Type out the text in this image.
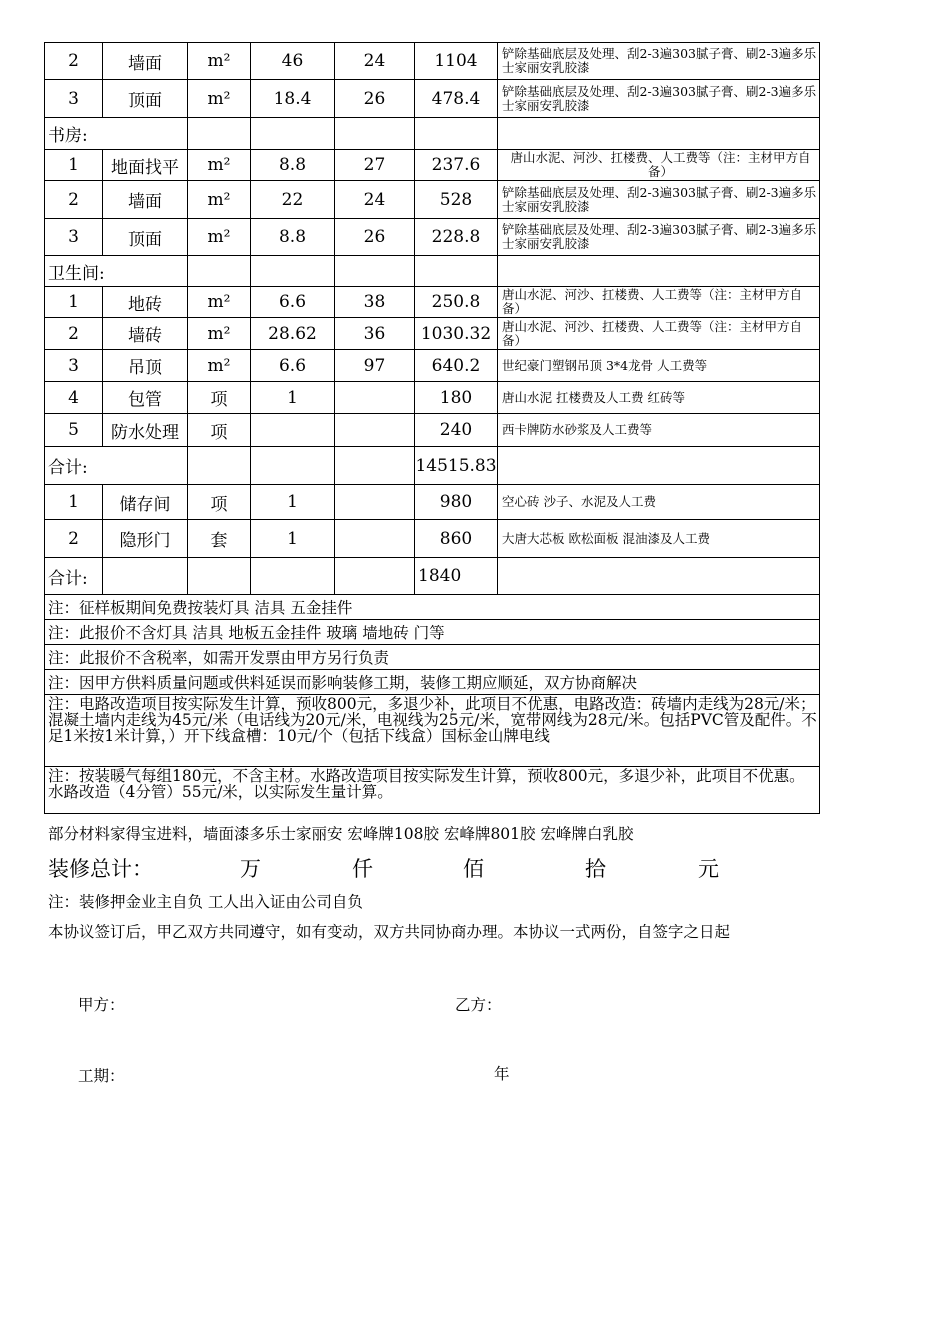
2	墙面	m²	46	24	1104	铲除基础底层及处理、刮2-3遍303腻子膏、刷2-3遍多乐士家丽安乳胶漆
3	顶面	m²	18.4	26	478.4	铲除基础底层及处理、刮2-3遍303腻子膏、刷2-3遍多乐士家丽安乳胶漆
书房:						
1	地面找平	m²	8.8	27	237.6	唐山水泥、河沙、扛楼费、人工费等（注：主材甲方自备）
2	墙面	m²	22	24	528	铲除基础底层及处理、刮2-3遍303腻子膏、刷2-3遍多乐士家丽安乳胶漆
3	顶面	m²	8.8	26	228.8	铲除基础底层及处理、刮2-3遍303腻子膏、刷2-3遍多乐士家丽安乳胶漆
卫生间:						
1	地砖	m²	6.6	38	250.8	唐山水泥、河沙、扛楼费、人工费等（注：主材甲方自备）
2	墙砖	m²	28.62	36	1030.32	唐山水泥、河沙、扛楼费、人工费等（注：主材甲方自备）
3	吊顶	m²	6.6	97	640.2	世纪豪门塑钢吊顶 3*4龙骨 人工费等
4	包管	项	1		180	唐山水泥 扛楼费及人工费 红砖等
5	防水处理	项			240	西卡牌防水砂浆及人工费等
合计:					14515.83	
1	储存间	项	1		980	空心砖 沙子、水泥及人工费
2	隐形门	套	1		860	大唐大芯板 欧松面板 混油漆及人工费
合计:					1840	
注：征样板期间免费按装灯具 洁具 五金挂件						
注：此报价不含灯具 洁具 地板五金挂件 玻璃 墙地砖 门等						
注：此报价不含税率，如需开发票由甲方另行负责						
注：因甲方供料质量问题或供料延误而影响装修工期，装修工期应顺延，双方协商解决						
注：电路改造项目按实际发生计算，预收800元，多退少补，此项目不优惠，电路改造：砖墙内走线为28元/米；混凝土墙内走线为45元/米（电话线为20元/米，电视线为25元/米，宽带网线为28元/米。包括PVC管及配件。不足1米按1米计算，）开下线盒槽：10元/个（包括下线盒）国标金山牌电线						
注：按装暖气每组180元，不含主材。水路改造项目按实际发生计算，预收800元，多退少补，此项目不优惠。水路改造（4分管）55元/米，以实际发生量计算。						
部分材料家得宝进料，墙面漆多乐士家丽安 宏峰牌108胶 宏峰牌801胶 宏峰牌白乳胶
装修总计：	万	仟	佰	拾	元
注：装修押金业主自负 工人出入证由公司自负
本协议签订后，甲乙双方共同遵守，如有变动，双方共同协商办理。本协议一式两份，自签字之日起
甲方：	乙方：
工期：	年
